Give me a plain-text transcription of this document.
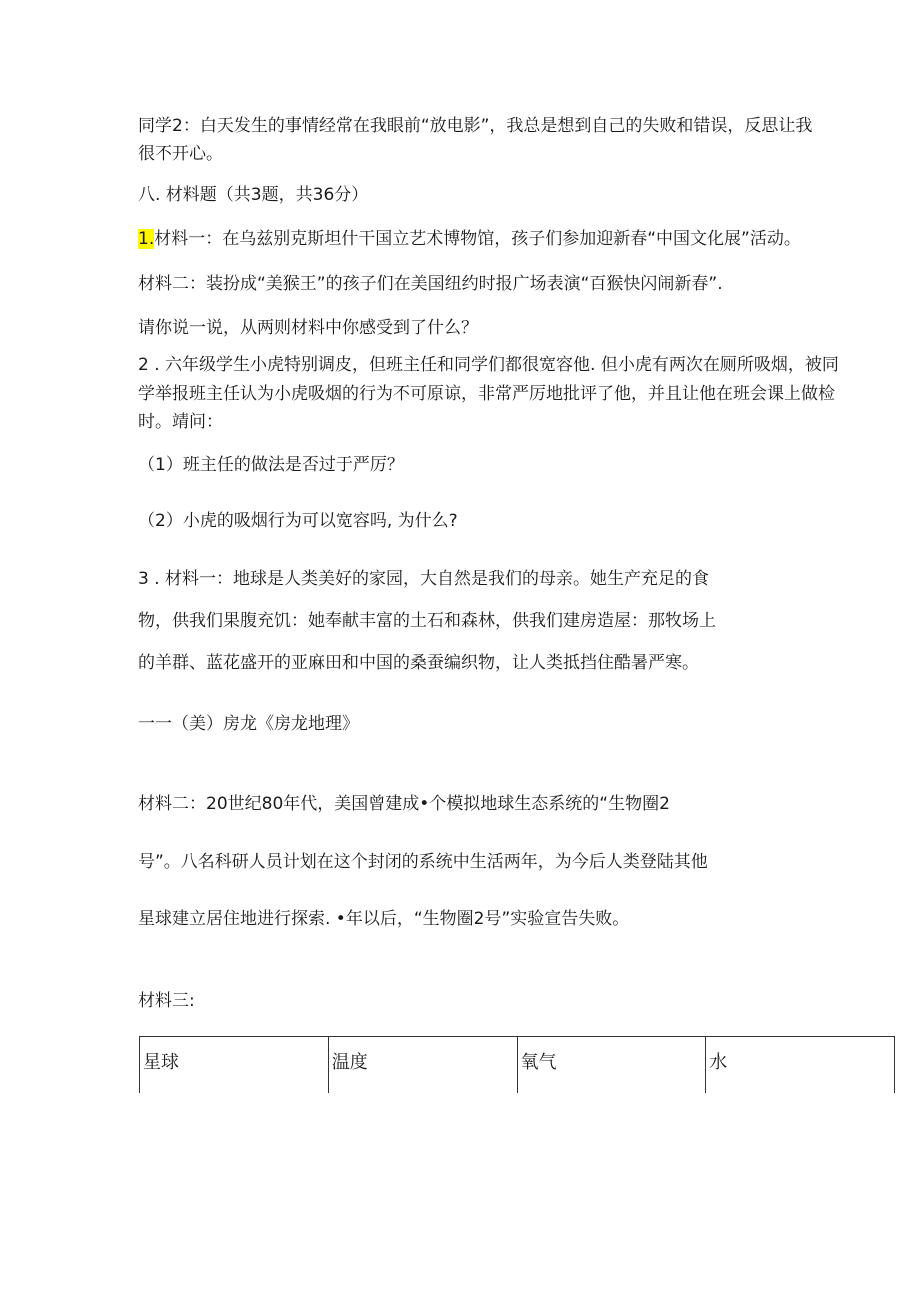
同学2：白天发生的事情经常在我眼前“放电影”，我总是想到自己的失败和错误，反思让我
很不开心。
八. 材料题（共3题，共36分）
1.材料一：在乌兹别克斯坦什干国立艺术博物馆，孩子们参加迎新春“中国文化展”活动。
材料二：装扮成“美猴王”的孩子们在美国纽约时报广场表演“百猴快闪闹新春”.
请你说一说，从两则材料中你感受到了什么？
2 . 六年级学生小虎特别调皮，但班主任和同学们都很宽容他. 但小虎有两次在厕所吸烟，被同
学举报班主任认为小虎吸烟的行为不可原谅，非常严厉地批评了他，并且让他在班会课上做检
时。靖问：
（1）班主任的做法是否过于严厉？
（2）小虎的吸烟行为可以宽容吗, 为什么?
3 . 材料一：地球是人类美好的家园，大自然是我们的母亲。她生产充足的食
物，供我们果腹充饥：她奉献丰富的土石和森林，供我们建房造屋：那牧场上
的羊群、蓝花盛开的亚麻田和中国的桑蚕编织物，让人类抵挡住酷暑严寒。
一一（美）房龙《房龙地理》
材料二：20世纪80年代，美国曾建成•个模拟地球生态系统的“生物圈2
号”。八名科研人员计划在这个封闭的系统中生活两年，为今后人类登陆其他
星球建立居住地进行探索. •年以后，“生物圈2号”实验宣告失败。
材料三:
星球	温度	氧气	水
